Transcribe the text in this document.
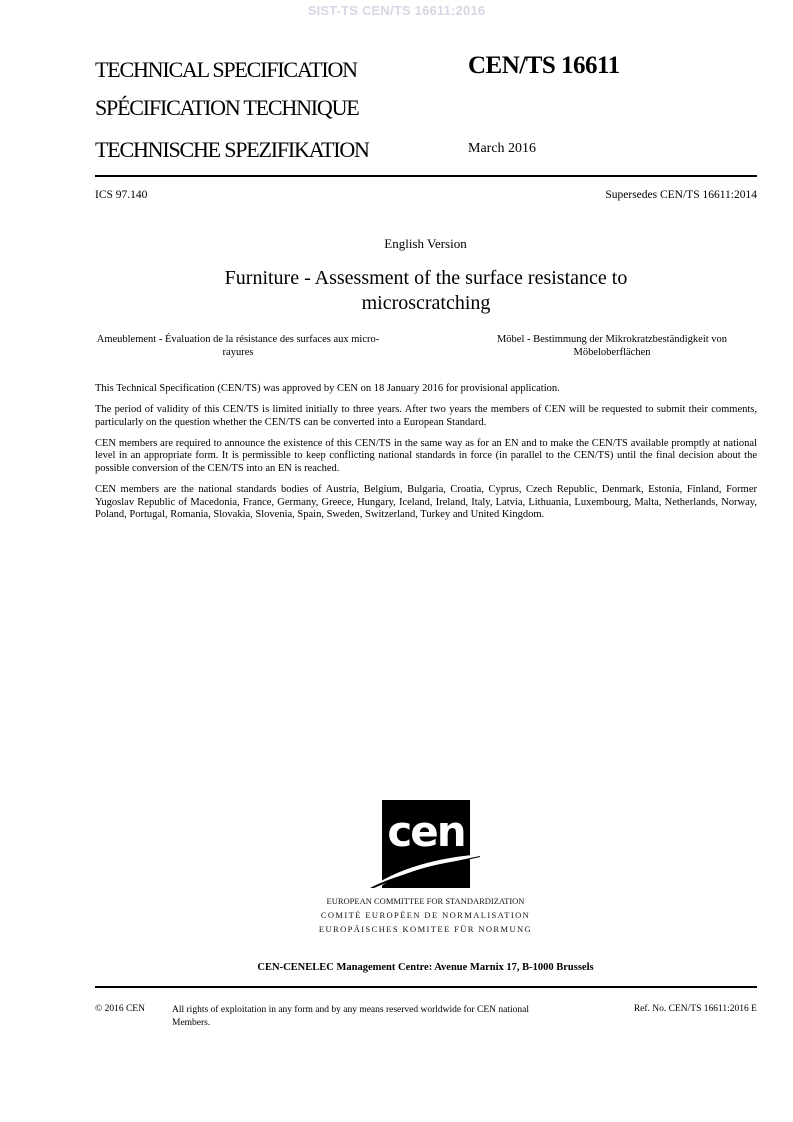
SIST-TS CEN/TS 16611:2016
TECHNICAL SPECIFICATION
SPÉCIFICATION TECHNIQUE
TECHNISCHE SPEZIFIKATION
CEN/TS 16611
March 2016
ICS 97.140	Supersedes CEN/TS 16611:2014
English Version
Furniture - Assessment of the surface resistance to microscratching
Ameublement - Évaluation de la résistance des surfaces aux micro-rayures
Möbel - Bestimmung der Mikrokratzbeständigkeit von Möbeloberflächen

This Technical Specification (CEN/TS) was approved by CEN on 18 January 2016 for provisional application.

The period of validity of this CEN/TS is limited initially to three years. After two years the members of CEN will be requested to submit their comments, particularly on the question whether the CEN/TS can be converted into a European Standard.

CEN members are required to announce the existence of this CEN/TS in the same way as for an EN and to make the CEN/TS available promptly at national level in an appropriate form. It is permissible to keep conflicting national standards in force (in parallel to the CEN/TS) until the final decision about the possible conversion of the CEN/TS into an EN is reached.

CEN members are the national standards bodies of Austria, Belgium, Bulgaria, Croatia, Cyprus, Czech Republic, Denmark, Estonia, Finland, Former Yugoslav Republic of Macedonia, France, Germany, Greece, Hungary, Iceland, Ireland, Italy, Latvia, Lithuania, Luxembourg, Malta, Netherlands, Norway, Poland, Portugal, Romania, Slovakia, Slovenia, Spain, Sweden, Switzerland, Turkey and United Kingdom.

cen
EUROPEAN COMMITTEE FOR STANDARDIZATION
COMITÉ EUROPÉEN DE NORMALISATION
EUROPÄISCHES KOMITEE FÜR NORMUNG
CEN-CENELEC Management Centre: Avenue Marnix 17, B-1000 Brussels
© 2016 CEN	All rights of exploitation in any form and by any means reserved worldwide for CEN national Members.
Ref. No. CEN/TS 16611:2016 E
